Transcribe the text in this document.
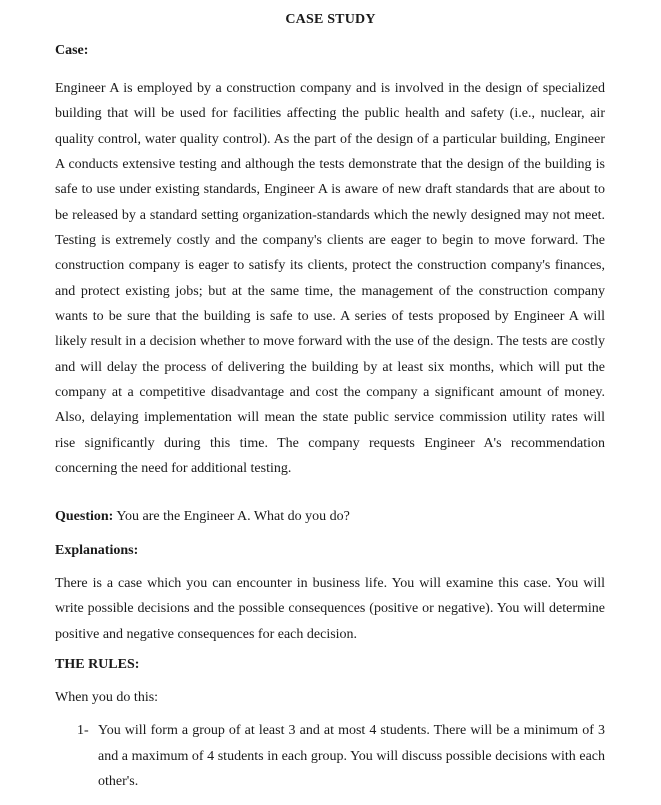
CASE STUDY
Case:
Engineer A is employed by a construction company and is involved in the design of specialized building that will be used for facilities affecting the public health and safety (i.e., nuclear, air quality control, water quality control). As the part of the design of a particular building, Engineer A conducts extensive testing and although the tests demonstrate that the design of the building is safe to use under existing standards, Engineer A is aware of new draft standards that are about to be released by a standard setting organization-standards which the newly designed may not meet. Testing is extremely costly and the company's clients are eager to begin to move forward. The construction company is eager to satisfy its clients, protect the construction company's finances, and protect existing jobs; but at the same time, the management of the construction company wants to be sure that the building is safe to use. A series of tests proposed by Engineer A will likely result in a decision whether to move forward with the use of the design. The tests are costly and will delay the process of delivering the building by at least six months, which will put the company at a competitive disadvantage and cost the company a significant amount of money. Also, delaying implementation will mean the state public service commission utility rates will rise significantly during this time. The company requests Engineer A's recommendation concerning the need for additional testing.
Question: You are the Engineer A. What do you do?
Explanations:
There is a case which you can encounter in business life. You will examine this case. You will write possible decisions and the possible consequences (positive or negative). You will determine positive and negative consequences for each decision.
THE RULES:
When you do this:
1- You will form a group of at least 3 and at most 4 students. There will be a minimum of 3 and a maximum of 4 students in each group. You will discuss possible decisions with each other's.
